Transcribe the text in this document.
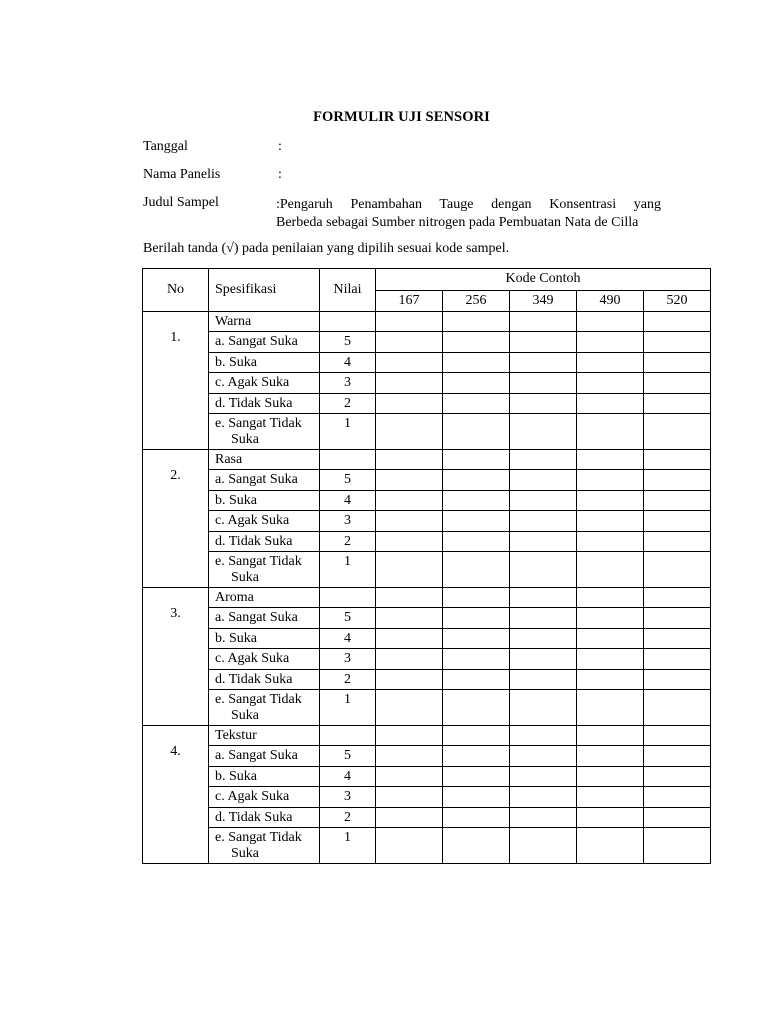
FORMULIR UJI SENSORI
Tanggal	:
Nama Panelis	:
Judul Sampel	:Pengaruh Penambahan Tauge dengan Konsentrasi yang
Berbeda sebagai Sumber nitrogen pada Pembuatan Nata de Cilla
Berilah tanda (√) pada penilaian yang dipilih sesuai kode sampel.
No	Spesifikasi	Nilai	Kode Contoh				
			167	256	349	490	520
1.	Warna						
	a. Sangat Suka	5					
	b. Suka	4					
	c. Agak Suka	3					
	d. Tidak Suka	2					

	e. Sangat Tidak Suka	1					
2.	Rasa						
	a. Sangat Suka	5					
	b. Suka	4					
	c. Agak Suka	3					
	d. Tidak Suka	2					

	e. Sangat Tidak Suka	1					
3.	Aroma						
	a. Sangat Suka	5					
	b. Suka	4					
	c. Agak Suka	3					
	d. Tidak Suka	2					

	e. Sangat Tidak Suka	1					
4.	Tekstur						
	a. Sangat Suka	5					
	b. Suka	4					
	c. Agak Suka	3					
	d. Tidak Suka	2					

	e. Sangat Tidak Suka	1					
